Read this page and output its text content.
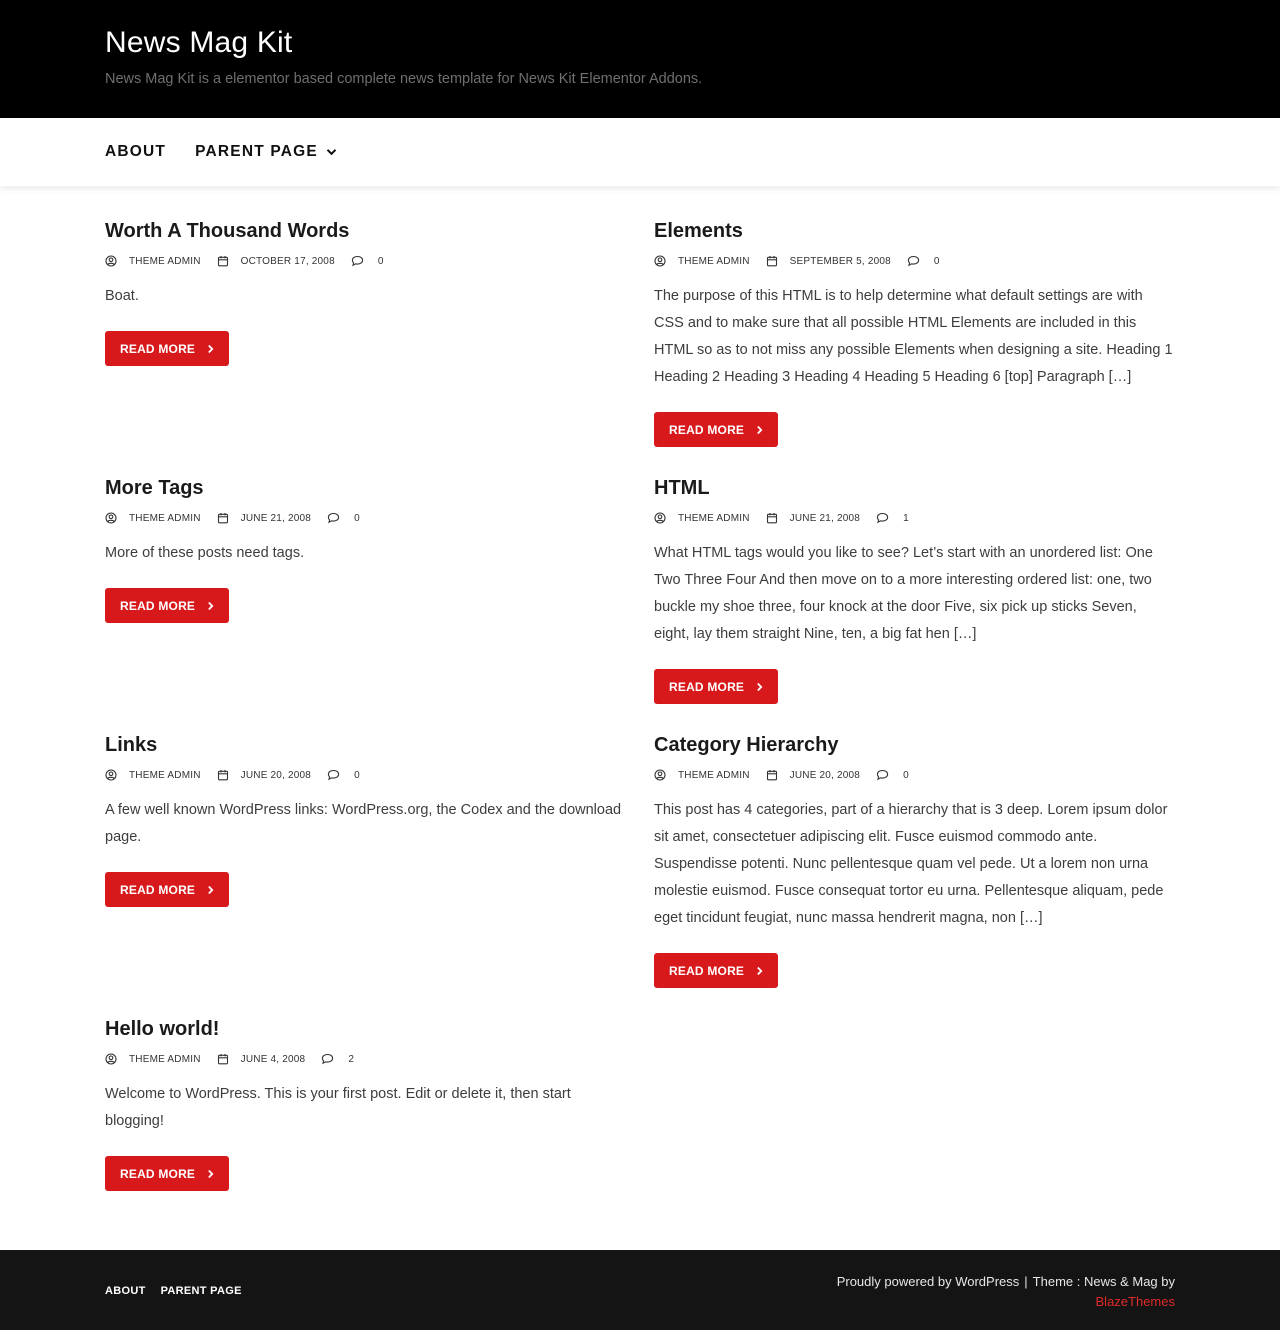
News Mag Kit
News Mag Kit is a elementor based complete news template for News Kit Elementor Addons.
ABOUT PARENT PAGE
Worth A Thousand Words
THEME ADMIN	OCTOBER 17, 2008	0

Boat.

READ MORE
Elements
THEME ADMIN	SEPTEMBER 5, 2008	0

The purpose of this HTML is to help determine what default settings are with CSS and to make sure that all possible HTML Elements are included in this HTML so as to not miss any possible Elements when designing a site. Heading 1 Heading 2 Heading 3 Heading 4 Heading 5 Heading 6 [top] Paragraph […]

READ MORE
More Tags
THEME ADMIN	JUNE 21, 2008	0

More of these posts need tags.

READ MORE
HTML
THEME ADMIN	JUNE 21, 2008	1

What HTML tags would you like to see? Let’s start with an unordered list: One Two Three Four And then move on to a more interesting ordered list: one, two buckle my shoe three, four knock at the door Five, six pick up sticks Seven, eight, lay them straight Nine, ten, a big fat hen […]

READ MORE
Links
THEME ADMIN	JUNE 20, 2008	0

A few well known WordPress links: WordPress.org, the Codex and the download page.

READ MORE
Category Hierarchy
THEME ADMIN	JUNE 20, 2008	0

This post has 4 categories, part of a hierarchy that is 3 deep. Lorem ipsum dolor sit amet, consectetuer adipiscing elit. Fusce euismod commodo ante. Suspendisse potenti. Nunc pellentesque quam vel pede. Ut a lorem non urna molestie euismod. Fusce consequat tortor eu urna. Pellentesque aliquam, pede eget tincidunt feugiat, nunc massa hendrerit magna, non […]

READ MORE
Hello world!
THEME ADMIN	JUNE 4, 2008	2

Welcome to WordPress. This is your first post. Edit or delete it, then start blogging!

READ MORE
ABOUT PARENT PAGE
Proudly powered by WordPress | Theme : News & Mag by
BlazeThemes
